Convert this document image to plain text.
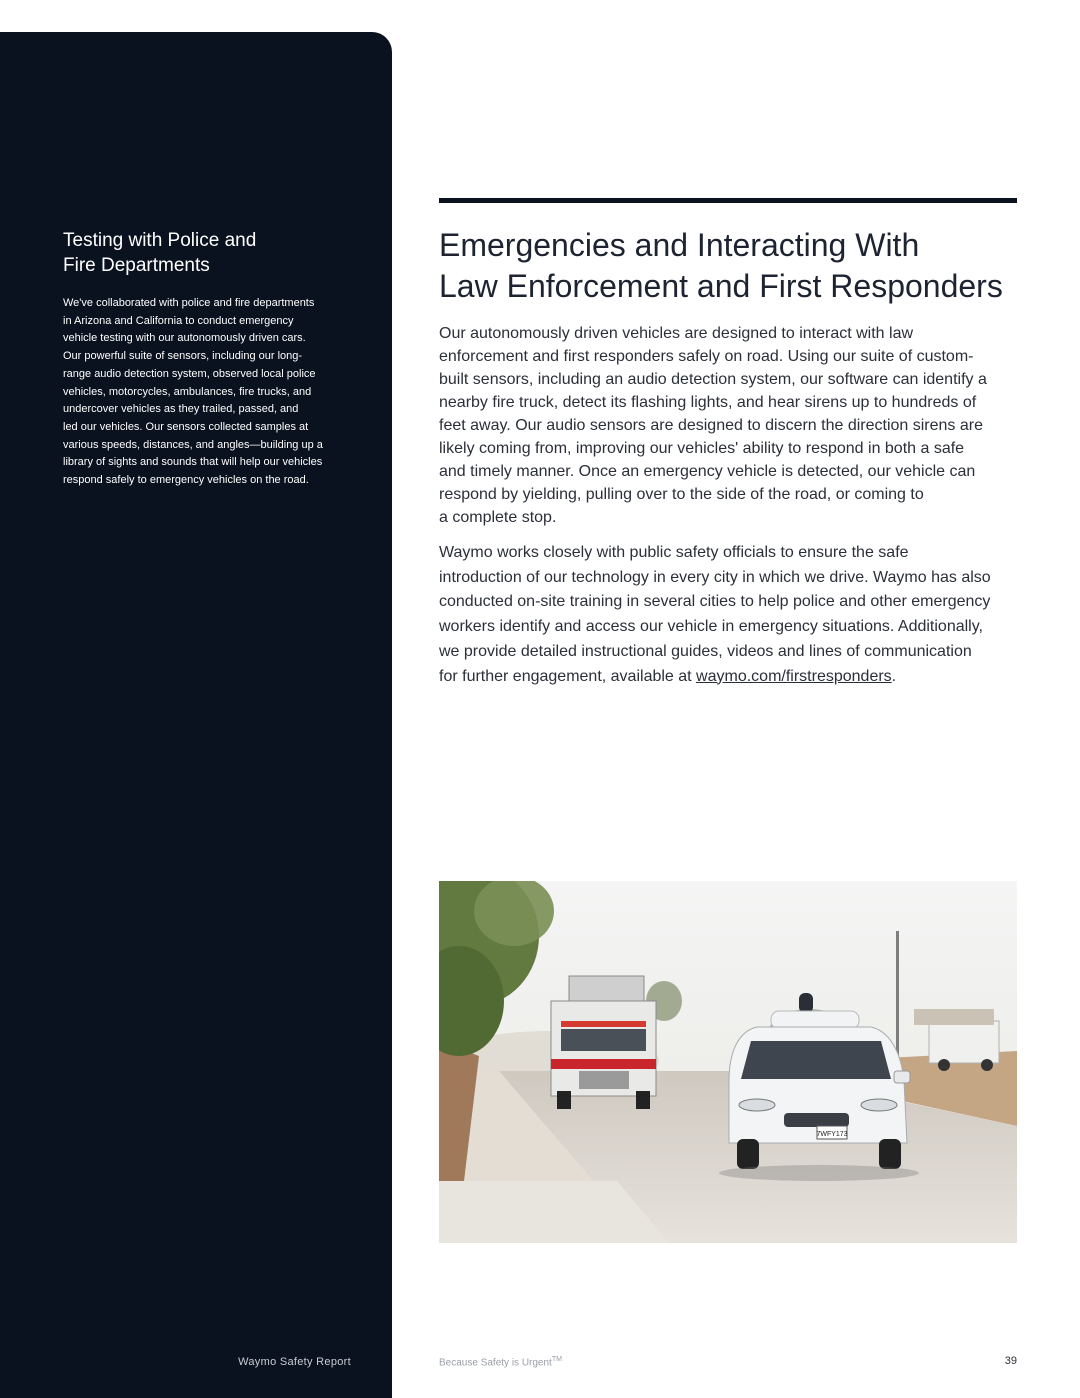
Testing with Police and
Fire Departments

We've collaborated with police and fire departments
in Arizona and California to conduct emergency
vehicle testing with our autonomously driven cars.
Our powerful suite of sensors, including our long-
range audio detection system, observed local police
vehicles, motorcycles, ambulances, fire trucks, and
undercover vehicles as they trailed, passed, and
led our vehicles. Our sensors collected samples at
various speeds, distances, and angles—building up a
library of sights and sounds that will help our vehicles
respond safely to emergency vehicles on the road.

Waymo Safety Report
Emergencies and Interacting With
Law Enforcement and First Responders

Our autonomously driven vehicles are designed to interact with law
enforcement and first responders safely on road. Using our suite of custom-
built sensors, including an audio detection system, our software can identify a
nearby fire truck, detect its flashing lights, and hear sirens up to hundreds of
feet away. Our audio sensors are designed to discern the direction sirens are
likely coming from, improving our vehicles' ability to respond in both a safe
and timely manner. Once an emergency vehicle is detected, our vehicle can
respond by yielding, pulling over to the side of the road, or coming to
a complete stop.

Waymo works closely with public safety officials to ensure the safe
introduction of our technology in every city in which we drive. Waymo has also
conducted on-site training in several cities to help police and other emergency
workers identify and access our vehicle in emergency situations. Additionally,
we provide detailed instructional guides, videos and lines of communication
for further engagement, available at waymo.com/firstresponders.

7WFY173
Because Safety is Urgent™	39
